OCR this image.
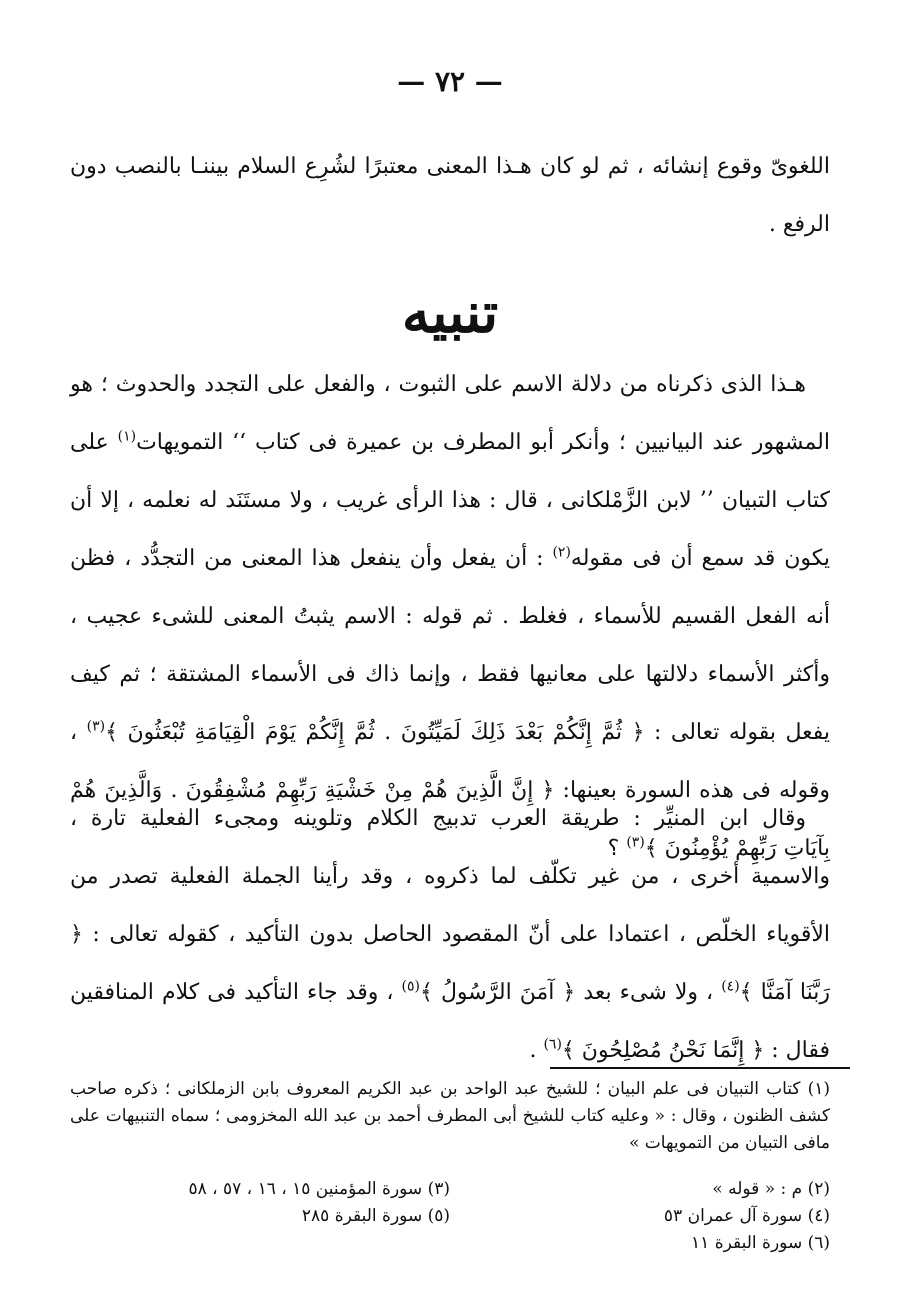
— ٧٢ —

اللغوىّ وقوع إنشائه ، ثم لو كان هـذا المعنى معتبرًا لشُرِع السلام بيننـا بالنصب دون الرفع .

تنبيه

هـذا الذى ذكرناه من دلالة الاسم على الثبوت ، والفعل على التجدد والحدوث ؛ هو المشهور عند البيانيين ؛ وأنكر أبو المطرف بن عميرة فى كتاب ‘‘ التمويهات$^{(١)}$ على كتاب التبيان ’’ لابن الزَّمْلكانى ، قال : هذا الرأى غريب ، ولا مستَنَد له نعلمه ، إلا أن يكون قد سمع أن فى مقوله$^{(٢)}$ : أن يفعل وأن ينفعل هذا المعنى من التجدُّد ، فظن أنه الفعل القسيم للأسماء ، فغلط . ثم قوله : الاسم يثبتُ المعنى للشىء عجيب ، وأكثر الأسماء دلالتها على معانيها فقط ، وإنما ذاك فى الأسماء المشتقة ؛ ثم كيف يفعل بقوله تعالى : ﴿ ثُمَّ إِنَّكُمْ بَعْدَ ذَلِكَ لَمَيِّتُونَ . ثُمَّ إِنَّكُمْ يَوْمَ الْقِيَامَةِ تُبْعَثُونَ ﴾$^{(٣)}$ ، وقوله فى هذه السورة بعينها: ﴿ إِنَّ الَّذِينَ هُمْ مِنْ خَشْيَةِ رَبِّهِمْ مُشْفِقُونَ . وَالَّذِينَ هُمْ بِآيَاتِ رَبِّهِمْ يُؤْمِنُونَ ﴾$^{(٣)}$ ؟

وقال ابن المنيِّر : طريقة العرب تدبيج الكلام وتلوينه ومجىء الفعلية تارة ، والاسمية أخرى ، من غير تكلّف لما ذكروه ، وقد رأينا الجملة الفعلية تصدر من الأقوياء الخلّص ، اعتمادا على أنّ المقصود الحاصل بدون التأكيد ، كقوله تعالى : ﴿ رَبَّنَا آمَنَّا ﴾$^{(٤)}$ ، ولا شىء بعد ﴿ آمَنَ الرَّسُولُ ﴾$^{(٥)}$ ، وقد جاء التأكيد فى كلام المنافقين فقال : ﴿ إِنَّمَا نَحْنُ مُصْلِحُونَ ﴾$^{(٦)}$ .

(١) كتاب التبيان فى علم البيان ؛ للشيخ عبد الواحد بن عبد الكريم المعروف بابن الزملكانى ؛ ذكره صاحب كشف الظنون ، وقال : « وعليه كتاب للشيخ أبى المطرف أحمد بن عبد الله المخزومى ؛ سماه التنبيهات على مافى التبيان من التمويهات »

(٢) م : « قوله »
(٣) سورة المؤمنين ١٥ ، ١٦ ، ٥٧ ، ٥٨
(٤) سورة آل عمران ٥٣
(٥) سورة البقرة ٢٨٥
(٦) سورة البقرة ١١
